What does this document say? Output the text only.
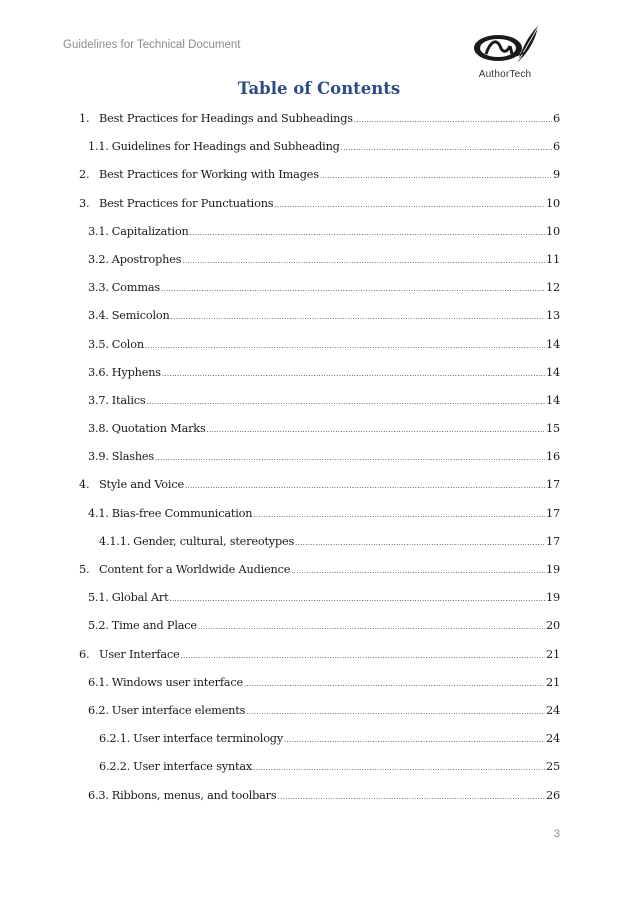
Guidelines for Technical Document
AuthorTech
Table of Contents
1. Best Practices for Headings and Subheadings .....	6
1.1. Guidelines for Headings and Subheading .....	6
2. Best Practices for Working with Images .....	9
3. Best Practices for Punctuations .....	10
3.1. Capitalization .....	10
3.2. Apostrophes .....	11
3.3. Commas .....	12
3.4. Semicolon .....	13
3.5. Colon .....	14
3.6. Hyphens .....	14
3.7. Italics .....	14
3.8. Quotation Marks .....	15
3.9. Slashes .....	16
4. Style and Voice .....	17
4.1. Bias-free Communication .....	17
4.1.1. Gender, cultural, stereotypes .....	17
5. Content for a Worldwide Audience .....	19
5.1. Global Art .....	19
5.2. Time and Place .....	20
6. User Interface .....	21
6.1. Windows user interface .....	21
6.2. User interface elements .....	24
6.2.1. User interface terminology .....	24
6.2.2. User interface syntax .....	25
6.3. Ribbons, menus, and toolbars .....	26
3
